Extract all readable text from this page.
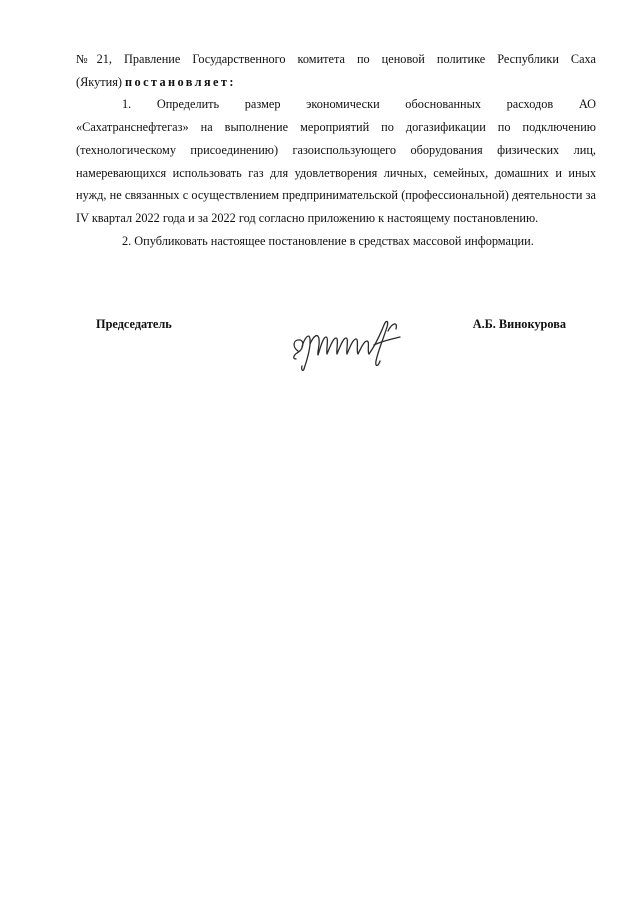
№21, Правление Государственного комитета по ценовой политике Республики Саха

(Якутия) постановляет:

1. Определить размер экономически обоснованных расходов АО

«Сахатранснефтегаз» на выполнение мероприятий по догазификации по подключению (технологическому присоединению) газоиспользующего оборудования физических лиц, намеревающихся использовать газ для удовлетворения личных, семейных, домашних и иных нужд, не связанных с осуществлением предпринимательской (профессиональной) деятельности за IV квартал 2022 года и за 2022 год согласно приложению к настоящему постановлению.

2. Опубликовать настоящее постановление в средствах массовой информации.

Председатель	А.Б. Винокурова
